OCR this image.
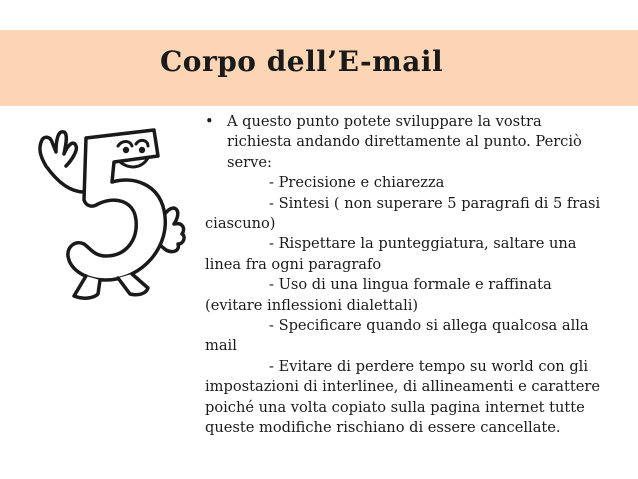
Corpo dell’E-mail
• A questo punto potete sviluppare la vostra
richiesta andando direttamente al punto. Perciò
serve:
- Precisione e chiarezza
- Sintesi ( non superare 5 paragrafi di 5 frasi
ciascuno)
- Rispettare la punteggiatura, saltare una
linea fra ogni paragrafo
- Uso di una lingua formale e raffinata
(evitare inflessioni dialettali)
- Specificare quando si allega qualcosa alla
mail
- Evitare di perdere tempo su world con gli
impostazioni di interlinee, di allineamenti e carattere
poiché una volta copiato sulla pagina internet tutte
queste modifiche rischiano di essere cancellate.
